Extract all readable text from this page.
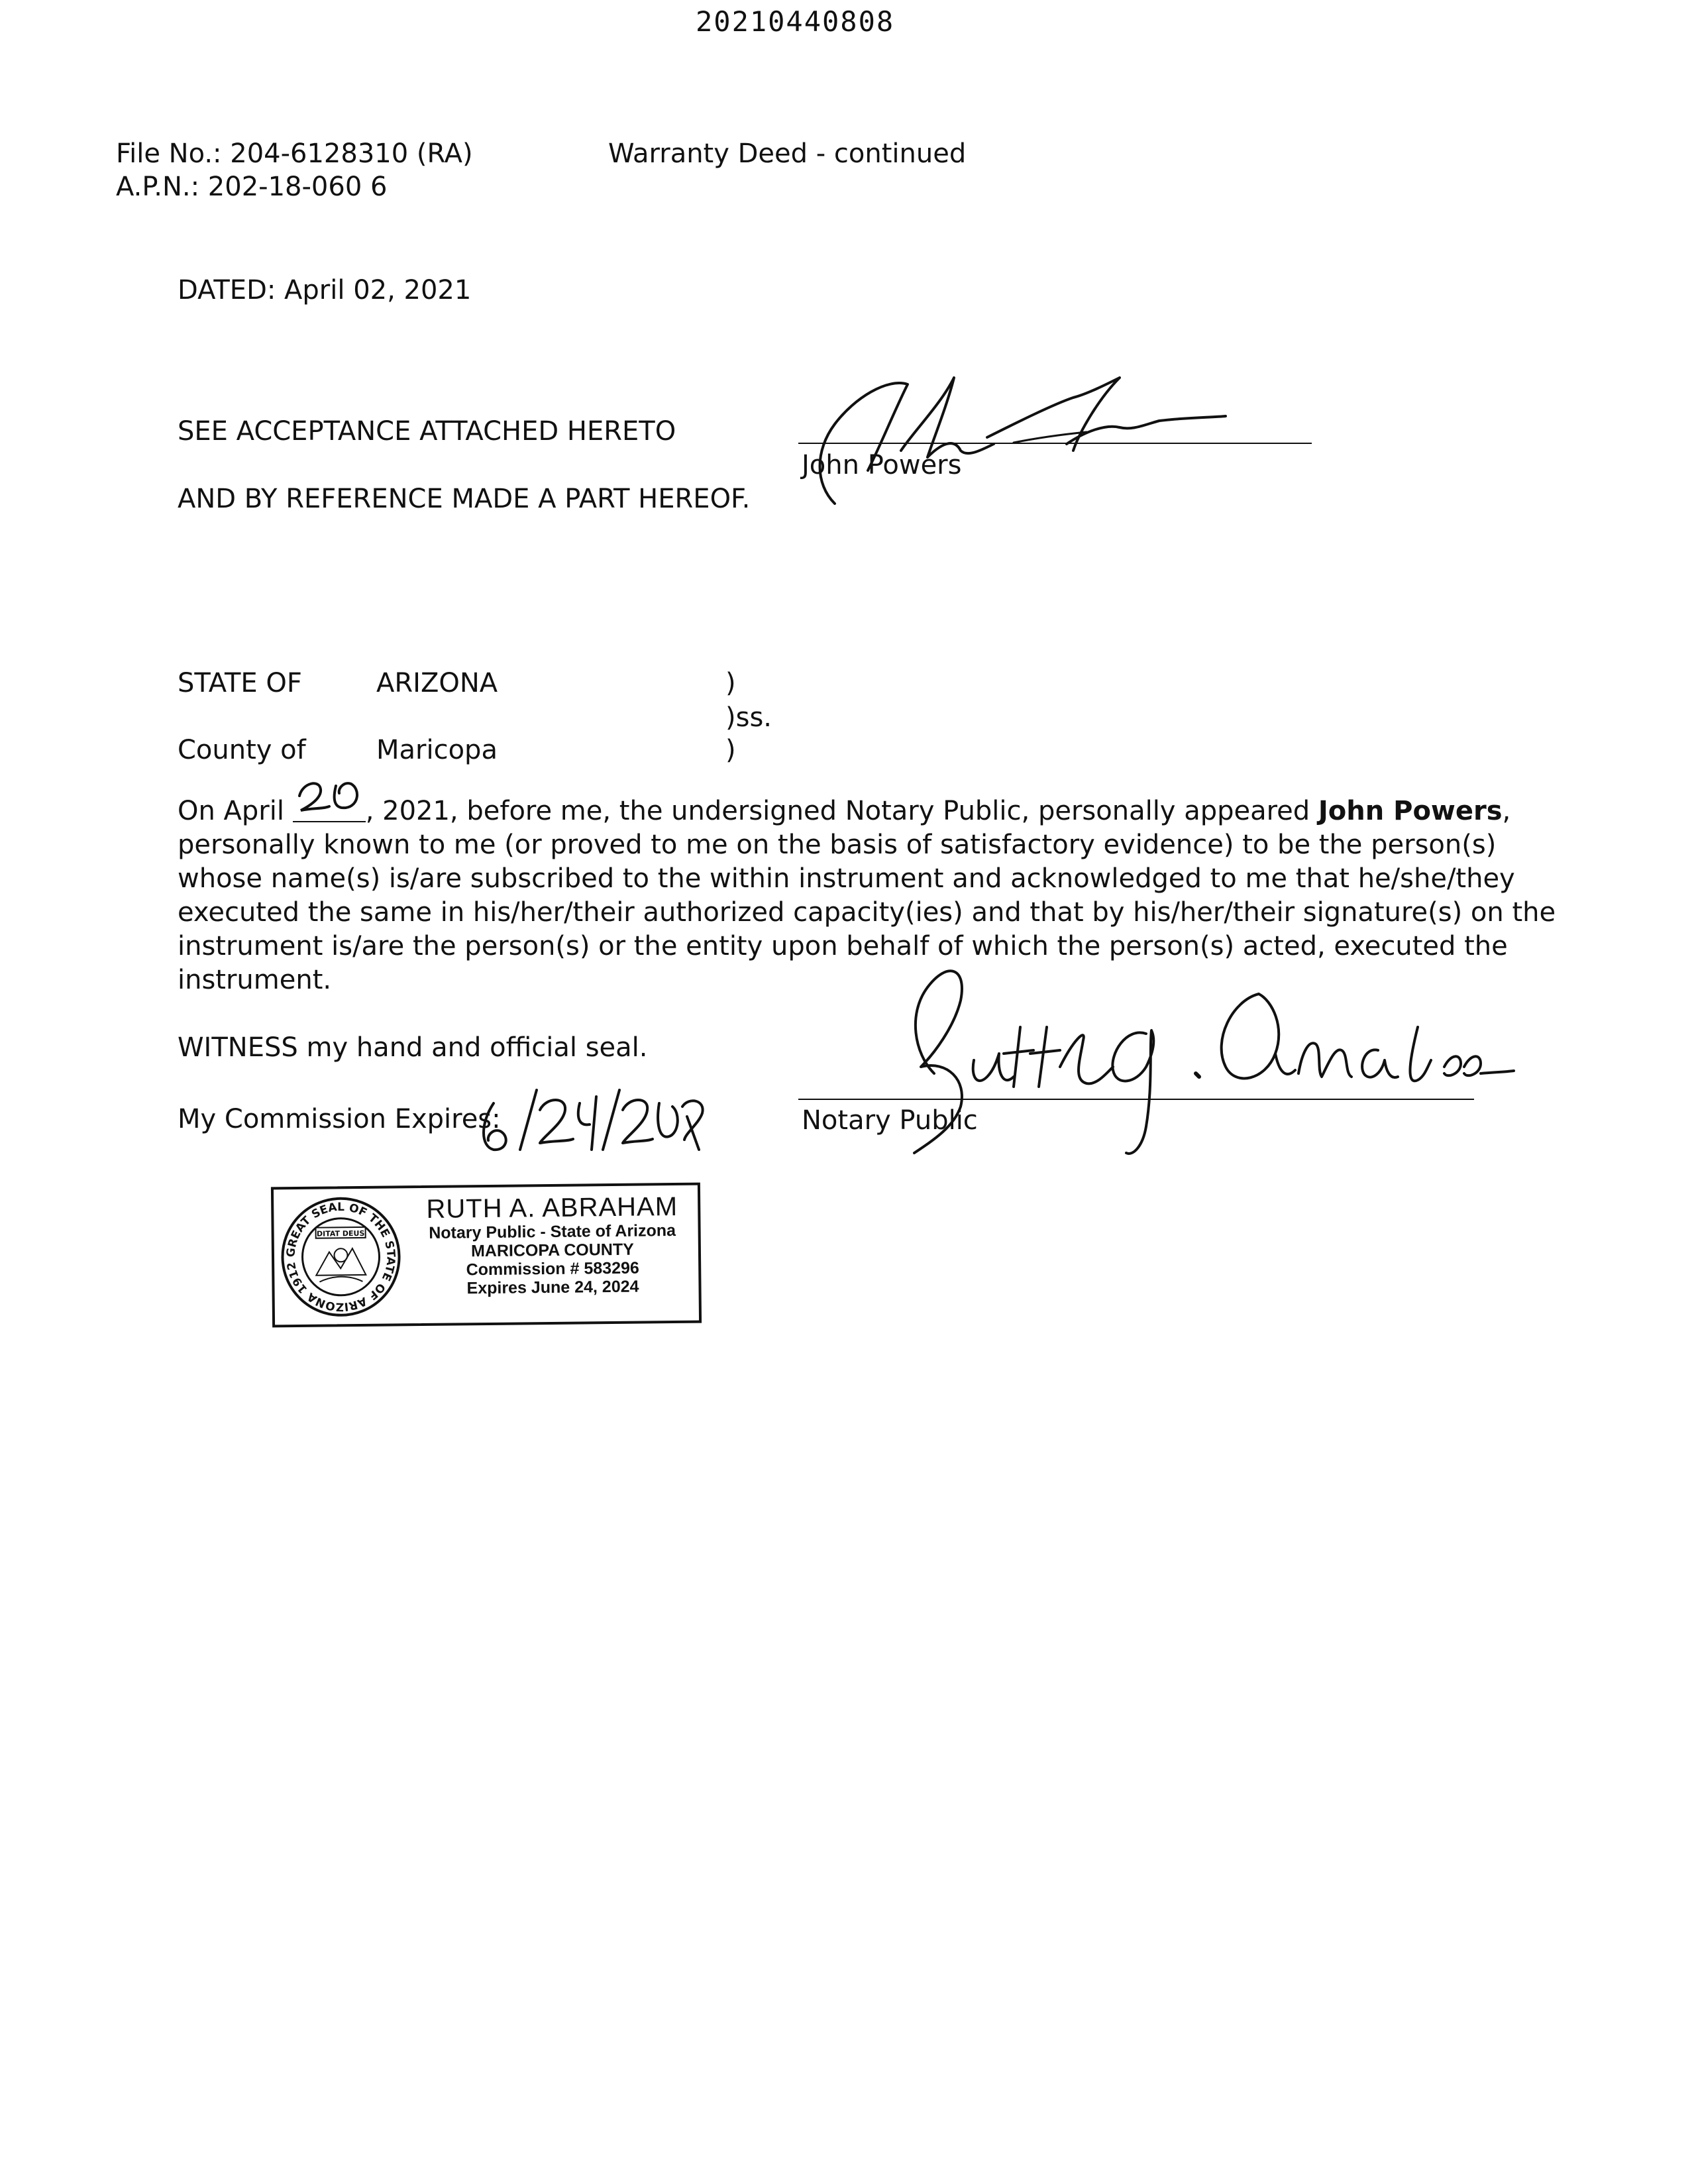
20210440808
File No.: 204-6128310 (RA)
A.P.N.: 202-18-060 6
Warranty Deed - continued
DATED: April 02, 2021
SEE ACCEPTANCE ATTACHED HERETO
AND BY REFERENCE MADE A PART HEREOF.
John Powers
STATE OF	ARIZONA	)
)ss.
County of	Maricopa	)
On April	, 2021, before me, the undersigned Notary Public, personally appeared John Powers,
personally known to me (or proved to me on the basis of satisfactory evidence) to be the person(s)
whose name(s) is/are subscribed to the within instrument and acknowledged to me that he/she/they
executed the same in his/her/their authorized capacity(ies) and that by his/her/their signature(s) on the
instrument is/are the person(s) or the entity upon behalf of which the person(s) acted, executed the
instrument.
WITNESS my hand and official seal.
My Commission Expires:	Notary Public
GREAT SEAL OF THE STATE OF ARIZONA 1912
DITAT DEUS
RUTH A. ABRAHAM
Notary Public - State of Arizona
MARICOPA COUNTY
Commission # 583296
Expires June 24, 2024
